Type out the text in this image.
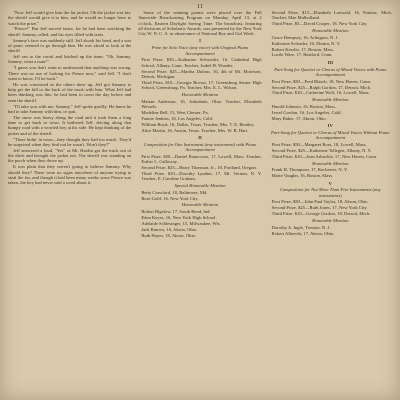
11

"Now Jeff would give him the fur jacket. Oh the jacket was his, the sheriff would give it to him, and he would no longer have to watch the prize."

"Prince!" But Jeff moved faster, for he had been watching the sheriff. Sammy called, and his eyes filled with tears.

Sammy's face was suddenly still. Jeff shook his head, and a sort of panic seemed to go through him. He was afraid to look at the sheriff.

Jeff ran to the corral and hitched up the team. "Oh, Sammy, Sammy, what a man!"

"I guess you don't want to understand that anything was wrong. There was no use of looking for Prince now," said Jeff. "I don't want to know. I'll be back."

He was convinced as the others drew up, Jeff got Sammy to help get the bill to the back of the truck with him. What Jeff had been thinking was this: he had been to town the day before and seen the sheriff.

"I'll take you with me, Sammy," Jeff spoke gruffly. He knew he had to take Sammy with him, or quit.

The snow was heavy along the road and it took them a long time to get back to town. It bothered Jeff, driving along that bumpy road with a worried boy at his side. He kept thinking of the jacket and of the sheriff.

"There hidin' in town—they thought they had too much. They'd be surprised when they find out he wasn't. Won't they?"

Jeff answered a loud, "Yes" as Mr. Hardin got the truck out of the ditch and brought the jacket out. The sheriff was standing on the porch when they drove up.

It was plain that they weren't going to believe Sammy. Why should they? There were no signs anywhere of anyone trying to steal the fur, and though it had been many weeks since Prince was taken, the boy had never said a word about it.

Some of the winning poems were placed over the Fall Statewide Broadcasting Program on Monday, April 13, at 2 o'clock, Eastern Daylight Saving Time. The broadcast, featuring all divisions of Scholastic Awards, was presented by the New York City W. N. C. A. in observance of National Boy and Girl Week.

I

Prize for Solo Voice (any voice) with Original Piano Accompaniment

First Prize, $50—Katharine Schroeder, 16, Cathedral High School, Albany, Conn. Teacher, Isabel H. Wunder.

Second Prize, $25—Martha Dufour, 16, 4th of Mt. Morrison, Detroit, Michigan.

Third Prize, $10—Georgia Brown, 17, Greensburg Senior High School, Greensburg, Pa. Teacher, Mrs. E. L. Wilson.

Honorable Mention

Marian Anderson, 16, Ashtabula, Ohio. Teacher, Elizabeth Wessels.

Madeline Bell, 15, West Chester, Pa.

Fannie Jenkins, 16, Los Angeles, Calif.

William Boyd, 16, Dallas, Texas. Teacher, Mrs. T. E. Bentley.

Alice Martin, 16, Austin, Texas. Teacher, Mrs. W. R. Hart.

II

Composition for One Instrument (any instrument) with Piano Accompaniment

First Prize, $50—Daniel Bonacorso, 17, Lowell, Mass. Teacher, Esther L. Calloway.

Second Prize, $25—Harry Thomson, Jr., 18, Portland, Oregon.

Third Prize, $10—Dorothy Lyndon, 17, Mt. Vernon, N. Y. Teacher, E. Caroline Graham.

Special Honorable Mention

Betty Crawford, 18, Baltimore, Md.

Rose Gold, 16, New York City.

Honorable Mention

Robert Bigelow, 17, South Bend, Ind.

Edna Keyes, 16, New York High School.

Adelaide Schlesinger, 15, Milwaukee, Wis.

Jack Barrow, 16, Akron, Ohio.

Ruth Hayes, 18, Akron, Ohio.

Second Prize, $15—Elizabeth Loewald, 16, Pontiac, Mich. Teacher, Mae Mulholland.

Third Prize, $5—David Cooper, 18, New York City.

Honorable Mention

Grace Dempsey, 16, Arlington, N. J.

Katherine Schrader, 16, Elmira, N. Y.

Robert Kessler, 17, Boston, Mass.

Lucile Ware, 17, Hartford, Conn.

III

Part-Song for Quartet or Chorus of Mixed Voices with Piano Accompaniment

First Prize, $50—Fred Blasch, 18, New Haven, Conn.

Second Prize, $25—Ralph Gordon, 17, Detroit, Mich.

Third Prize, $10—Catherine Wolf, 16, Lowell, Mass.

Honorable Mention

Harold Johnson, 16, Boston, Mass.

Jewel Gordon, 16, Los Angeles, Calif.

Mary Baker, 17, Akron, Ohio.

IV

Part-Song for Quartet or Chorus of Mixed Voices Without Piano Accompaniment

First Prize, $50—Margaret Ross, 18, Lowell, Mass.

Second Prize, $25—Katherine Tellegen, Albany, N. Y.

Third Prize, $10—Joan Arbuckle, 17, New Haven, Conn.

Honorable Mention

Frank H. Thompson, 17, Rochester, N. Y.

Marie Vaughn, 16, Boston, Mass.

V

Composition for Not More Than Five Instruments (any instruments)

First Prize, $50—John Paul Taylor, 18, Akron, Ohio.

Second Prize, $25—Ruth Jones, 17, New York City.

Third Prize, $10—George Gordon, 18, Detroit, Mich.

Honorable Mention

Dorothy A. Ingle, Trenton, N. J.

Robert Albrecht, 17, Akron, Ohio.
